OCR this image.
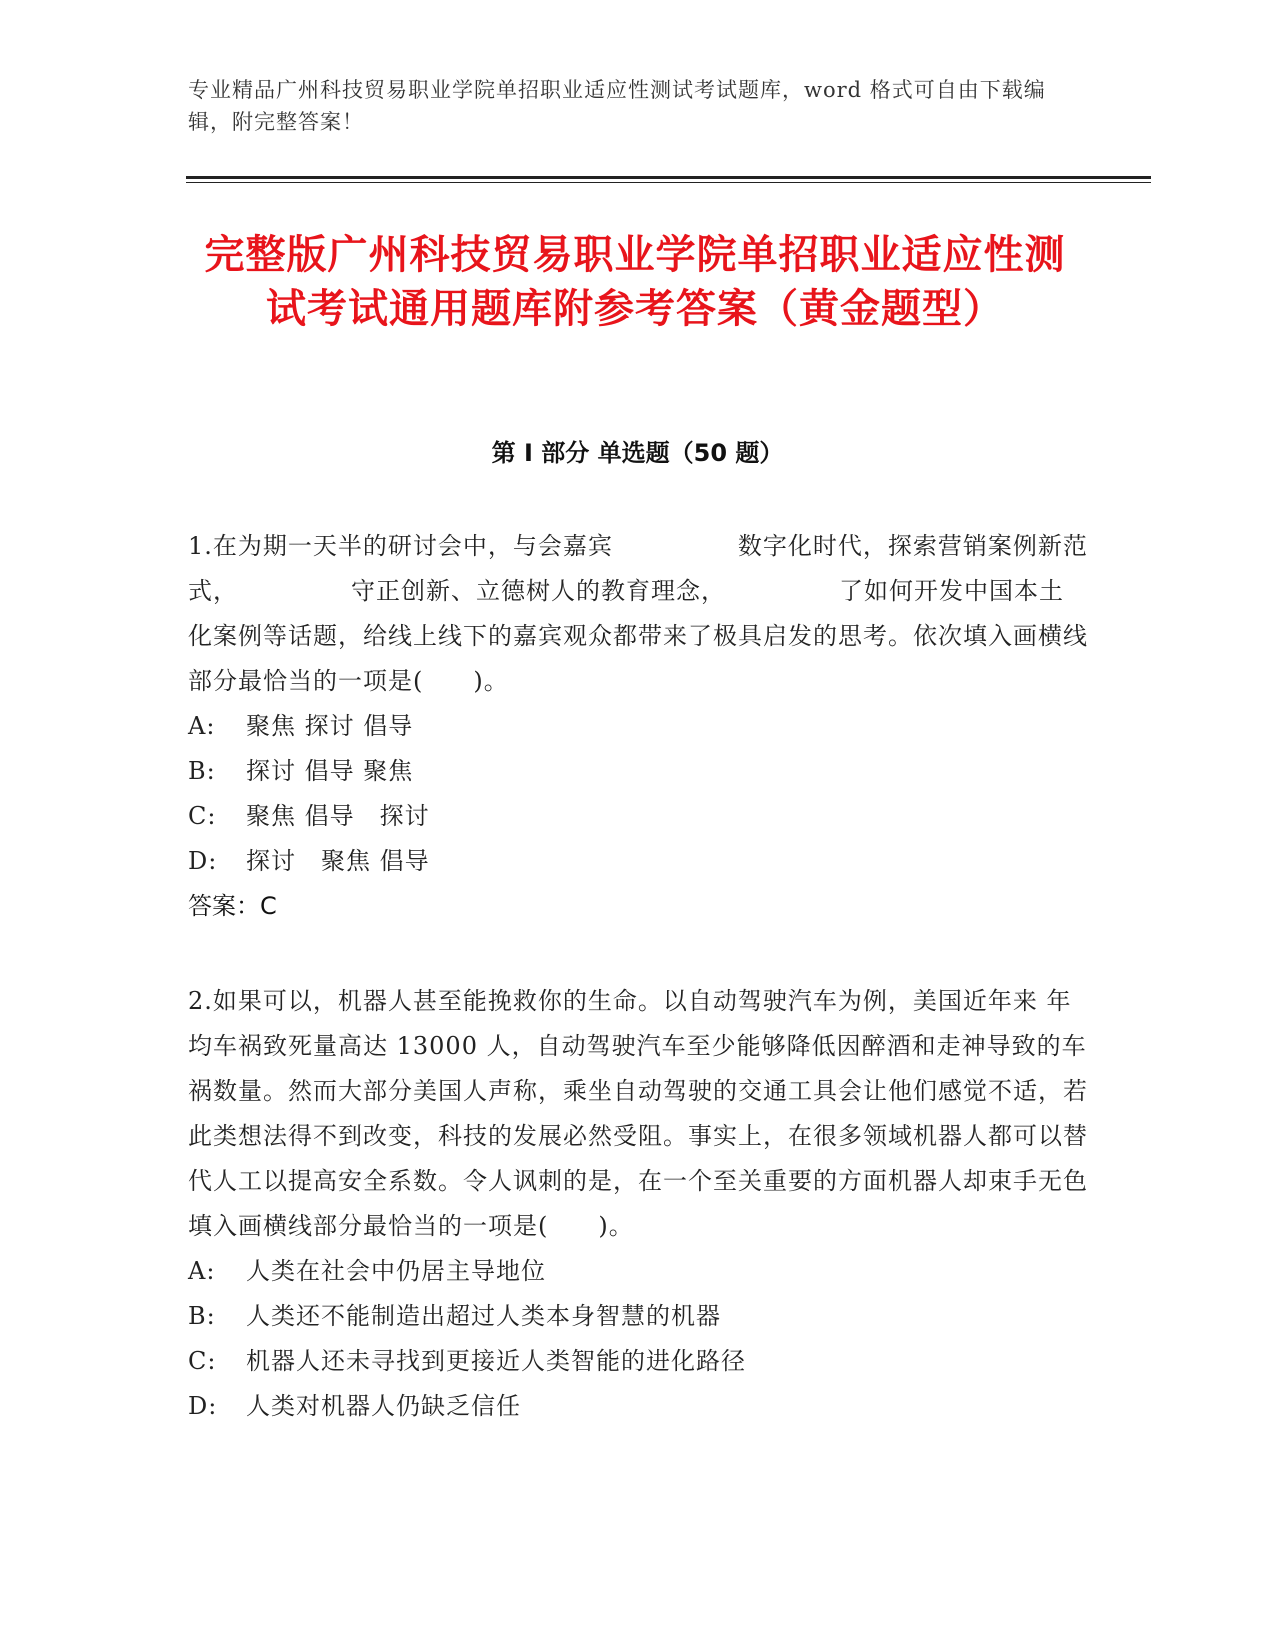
专业精品广州科技贸易职业学院单招职业适应性测试考试题库，word 格式可自由下载编辑，附完整答案！
完整版广州科技贸易职业学院单招职业适应性测试考试通用题库附参考答案（黄金题型）
第 I 部分 单选题（50 题）

1.在为期一天半的研讨会中，与会嘉宾　　　　　数字化时代，探索营销案例新范 式，　　　　　守正创新、立德树人的教育理念，　　　　　了如何开发中国本土化案例等话题，给线上线下的嘉宾观众都带来了极具启发的思考。依次填入画横线部分最恰当的一项是(　　)。

A:	聚焦 探讨 倡导
B:	探讨 倡导 聚焦
C:	聚焦 倡导　探讨
D:	探讨　聚焦 倡导
答案：C

2.如果可以，机器人甚至能挽救你的生命。以自动驾驶汽车为例，美国近年来 年均车祸致死量高达 13000 人，自动驾驶汽车至少能够降低因醉酒和走神导致的车 祸数量。然而大部分美国人声称，乘坐自动驾驶的交通工具会让他们感觉不适，若 此类想法得不到改变，科技的发展必然受阻。事实上，在很多领域机器人都可以替 代人工以提高安全系数。令人讽刺的是，在一个至关重要的方面机器人却束手无色填入画横线部分最恰当的一项是(　　)。

A:	人类在社会中仍居主导地位
B:	人类还不能制造出超过人类本身智慧的机器
C:	机器人还未寻找到更接近人类智能的进化路径
D:	人类对机器人仍缺乏信任
